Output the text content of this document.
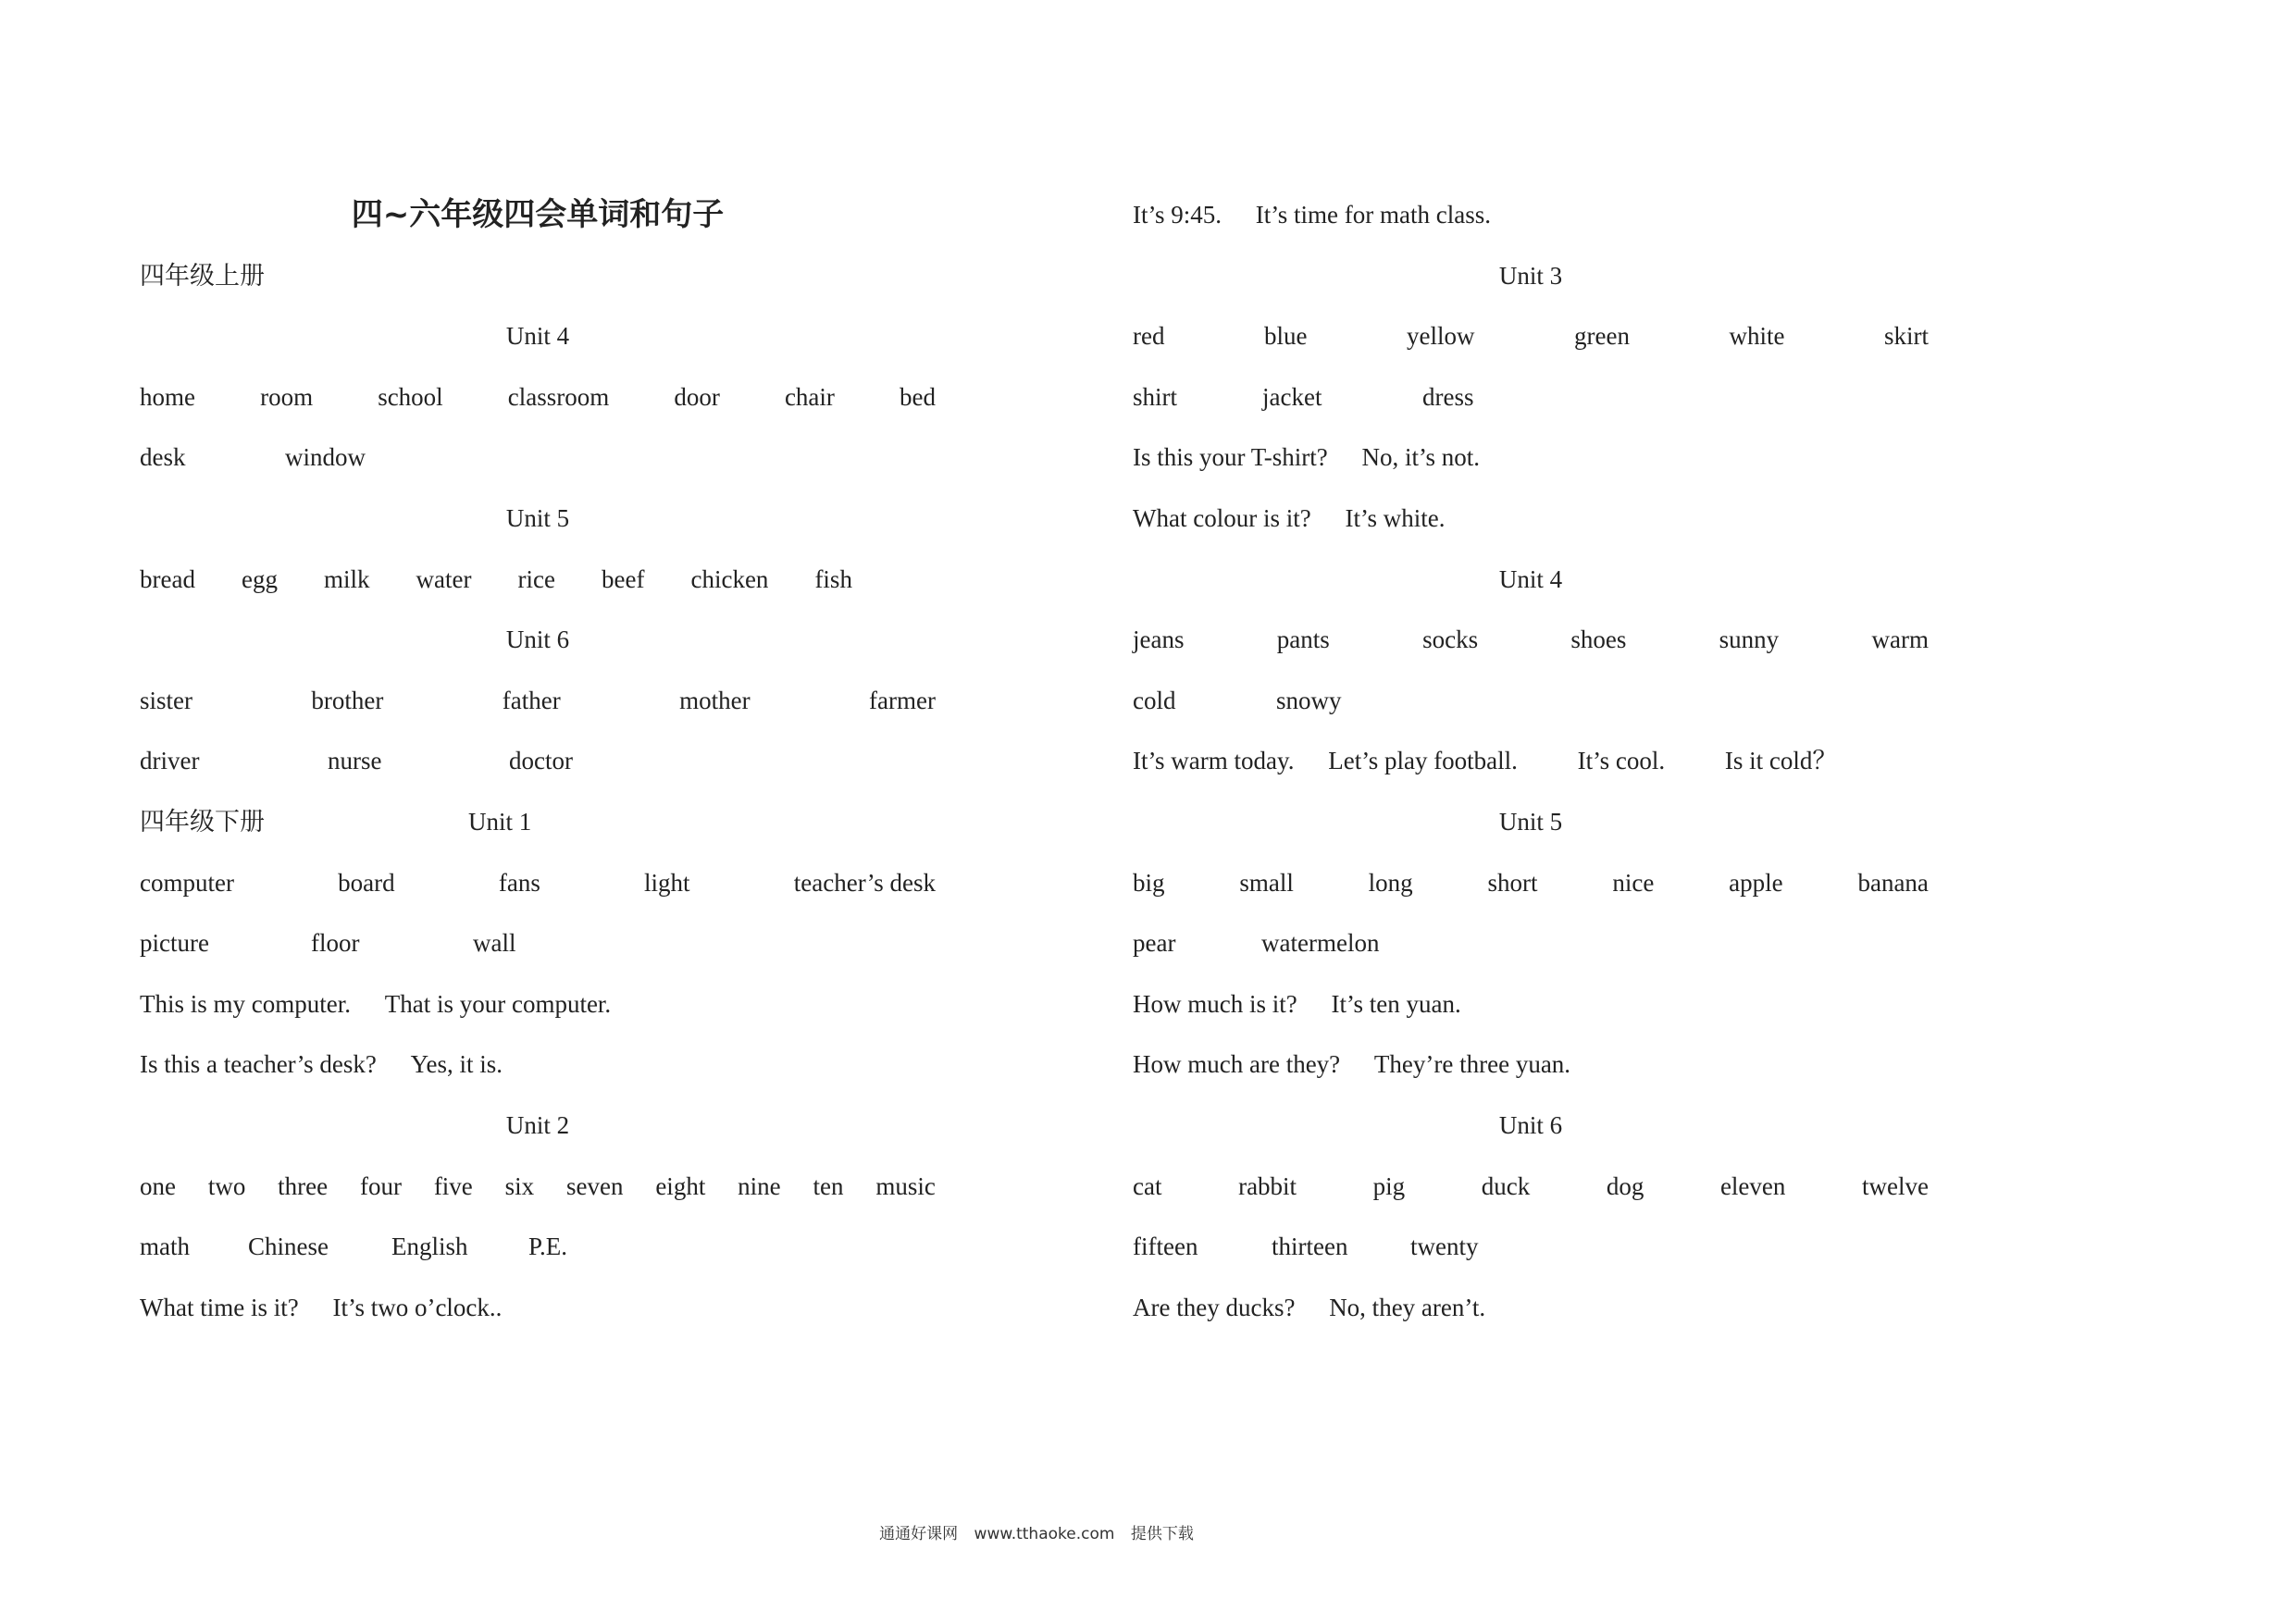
四~六年级四会单词和句子
四年级上册
Unit 4
home	room	school	classroom	door	chair	bed
desk	window
Unit 5
bread egg milk water rice beef chicken fish
Unit 6
sister	brother	father	mother	farmer
driver	nurse	doctor
四年级下册	Unit 1
computer	board	fans	light	teacher’s desk
picture	floor	wall
This is my computer. That is your computer.
Is this a teacher’s desk? Yes, it is.
Unit 2
one two three four five six seven eight nine ten music
math	Chinese	English	P.E.
What time is it? It’s two o’clock..
It’s 9:45. It’s time for math class.
Unit 3
red	blue	yellow	green	white	skirt
shirt	jacket	dress
Is this your T-shirt? No, it’s not.
What colour is it? It’s white.
Unit 4
jeans	pants	socks	shoes	sunny	warm
cold	snowy
It’s warm today. Let’s play football. It’s cool. Is it cold？
Unit 5
big	small	long	short	nice	apple	banana
pear	watermelon
How much is it? It’s ten yuan.
How much are they? They’re three yuan.
Unit 6
cat	rabbit	pig	duck	dog	eleven	twelve
fifteen	thirteen	twenty
Are they ducks? No, they aren’t.
通通好课网 www.tthaoke.com 提供下载
